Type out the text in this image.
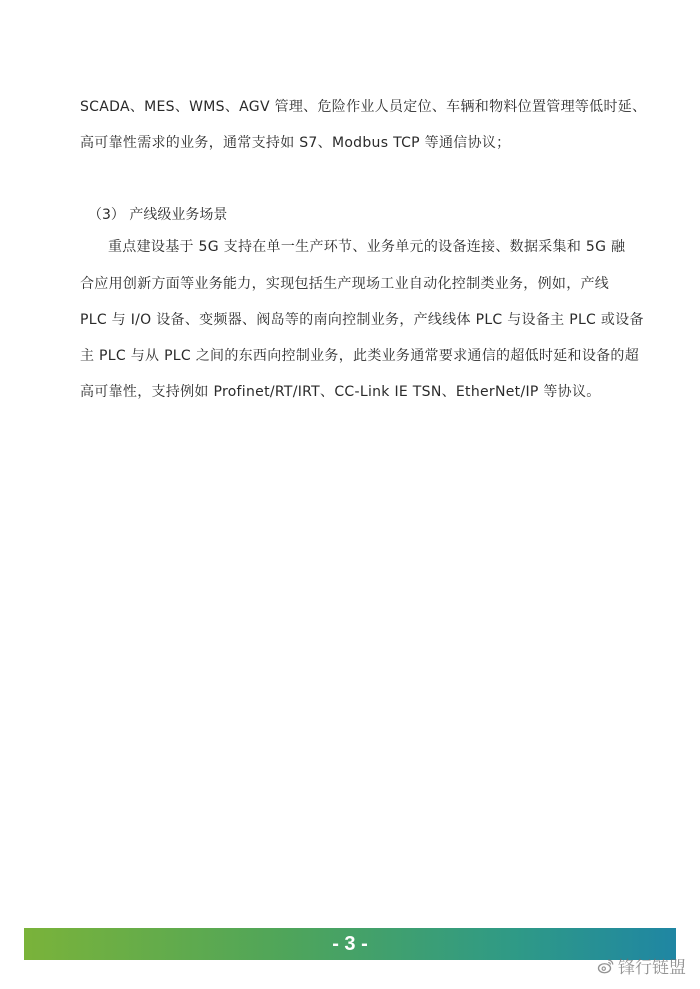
SCADA、MES、WMS、AGV 管理、危险作业人员定位、车辆和物料位置管理等低时延、
高可靠性需求的业务，通常支持如 S7、Modbus TCP 等通信协议；
（3） 产线级业务场景
重点建设基于 5G 支持在单一生产环节、业务单元的设备连接、数据采集和 5G 融
合应用创新方面等业务能力，实现包括生产现场工业自动化控制类业务，例如，产线
PLC 与 I/O 设备、变频器、阀岛等的南向控制业务，产线线体 PLC 与设备主 PLC 或设备
主 PLC 与从 PLC 之间的东西向控制业务，此类业务通常要求通信的超低时延和设备的超
高可靠性，支持例如 Profinet/RT/IRT、CC-Link IE TSN、EtherNet/IP 等协议。
- 3 -
锋行链盟
